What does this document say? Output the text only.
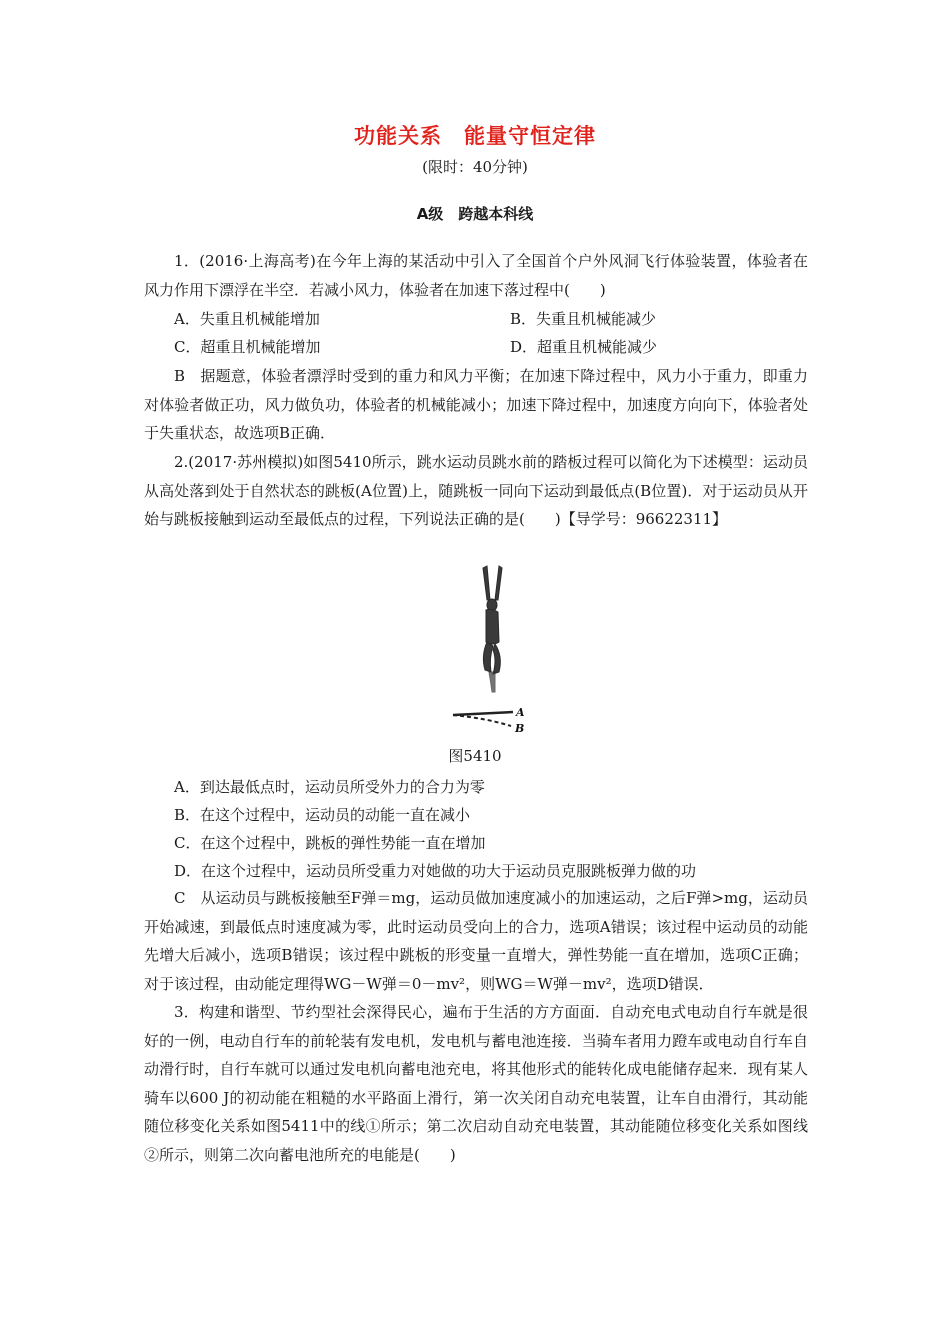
功能关系　能量守恒定律
(限时：40分钟)
A级　跨越本科线

1．(2016·上海高考)在今年上海的某活动中引入了全国首个户外风洞飞行体验装置，体验者在风力作用下漂浮在半空．若减小风力，体验者在加速下落过程中(　　)

A．失重且机械能增加	B．失重且机械能减少
C．超重且机械能增加	D．超重且机械能减少

B　据题意，体验者漂浮时受到的重力和风力平衡；在加速下降过程中，风力小于重力，即重力对体验者做正功，风力做负功，体验者的机械能减小；加速下降过程中，加速度方向向下，体验者处于失重状态，故选项B正确．

2.(2017·苏州模拟)如图5410所示，跳水运动员跳水前的踏板过程可以简化为下述模型：运动员从高处落到处于自然状态的跳板(A位置)上，随跳板一同向下运动到最低点(B位置)．对于运动员从开始与跳板接触到运动至最低点的过程，下列说法正确的是(　　)【导学号：96622311】

A
B
图5410
A．到达最低点时，运动员所受外力的合力为零
B．在这个过程中，运动员的动能一直在减小
C．在这个过程中，跳板的弹性势能一直在增加
D．在这个过程中，运动员所受重力对她做的功大于运动员克服跳板弹力做的功

C　从运动员与跳板接触至F弹＝mg，运动员做加速度减小的加速运动，之后F弹>mg，运动员开始减速，到最低点时速度减为零，此时运动员受向上的合力，选项A错误；该过程中运动员的动能先增大后减小，选项B错误；该过程中跳板的形变量一直增大，弹性势能一直在增加，选项C正确；对于该过程，由动能定理得WG－W弹＝0－mv²，则WG＝W弹－mv²，选项D错误．

3．构建和谐型、节约型社会深得民心，遍布于生活的方方面面．自动充电式电动自行车就是很好的一例，电动自行车的前轮装有发电机，发电机与蓄电池连接．当骑车者用力蹬车或电动自行车自动滑行时，自行车就可以通过发电机向蓄电池充电，将其他形式的能转化成电能储存起来．现有某人骑车以600 J的初动能在粗糙的水平路面上滑行，第一次关闭自动充电装置，让车自由滑行，其动能随位移变化关系如图5411中的线①所示；第二次启动自动充电装置，其动能随位移变化关系如图线②所示，则第二次向蓄电池所充的电能是(　　)
